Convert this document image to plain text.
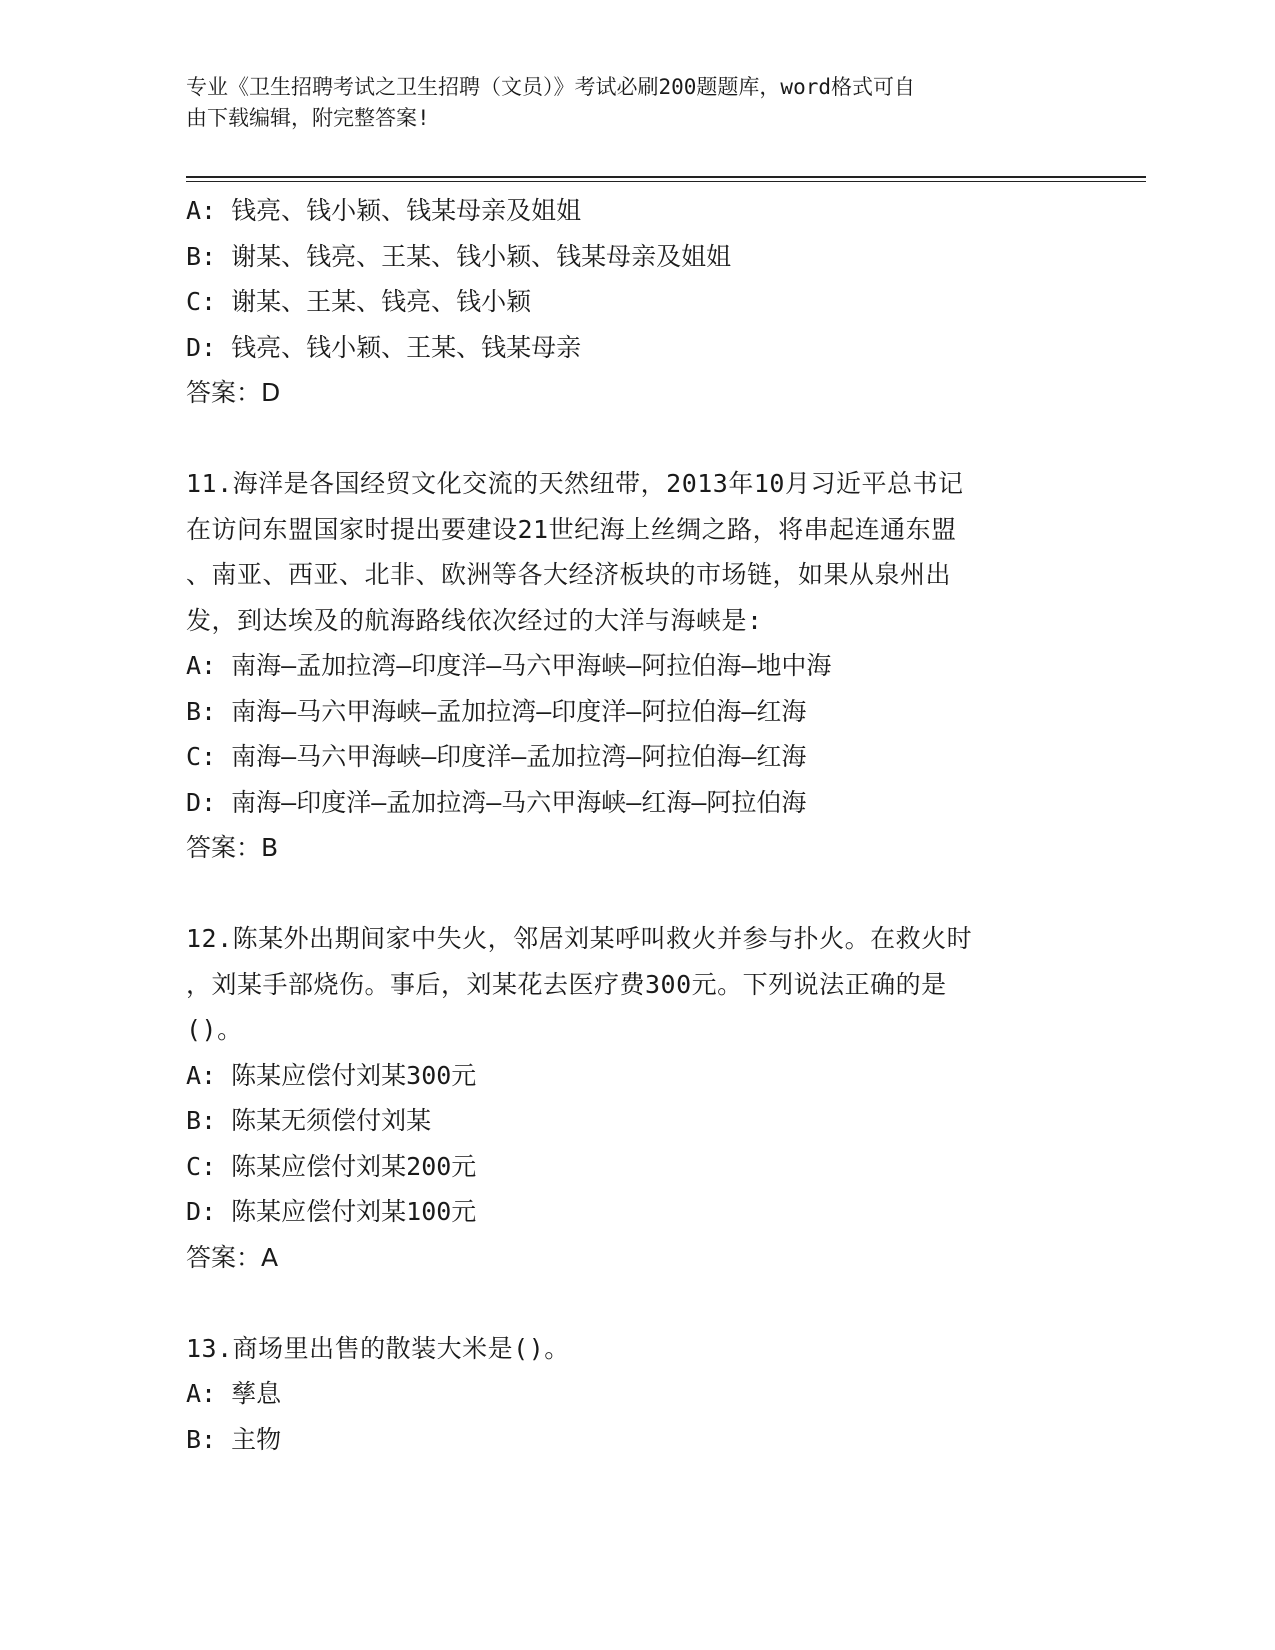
专业《卫生招聘考试之卫生招聘（文员）》考试必刷200题题库，word格式可自
由下载编辑，附完整答案!
A: 钱亮、钱小颖、钱某母亲及姐姐
B: 谢某、钱亮、王某、钱小颖、钱某母亲及姐姐
C: 谢某、王某、钱亮、钱小颖
D: 钱亮、钱小颖、王某、钱某母亲
答案：D
11.海洋是各国经贸文化交流的天然纽带，2013年10月习近平总书记
在访问东盟国家时提出要建设21世纪海上丝绸之路，将串起连通东盟
、南亚、西亚、北非、欧洲等各大经济板块的市场链，如果从泉州出
发，到达埃及的航海路线依次经过的大洋与海峡是:
A: 南海—孟加拉湾—印度洋—马六甲海峡—阿拉伯海—地中海
B: 南海—马六甲海峡—孟加拉湾—印度洋—阿拉伯海—红海
C: 南海—马六甲海峡—印度洋—孟加拉湾—阿拉伯海—红海
D: 南海—印度洋—孟加拉湾—马六甲海峡—红海—阿拉伯海
答案：B
12.陈某外出期间家中失火，邻居刘某呼叫救火并参与扑火。在救火时
，刘某手部烧伤。事后，刘某花去医疗费300元。下列说法正确的是
()。
A: 陈某应偿付刘某300元
B: 陈某无须偿付刘某
C: 陈某应偿付刘某200元
D: 陈某应偿付刘某100元
答案：A
13.商场里出售的散装大米是()。
A: 孳息
B: 主物
